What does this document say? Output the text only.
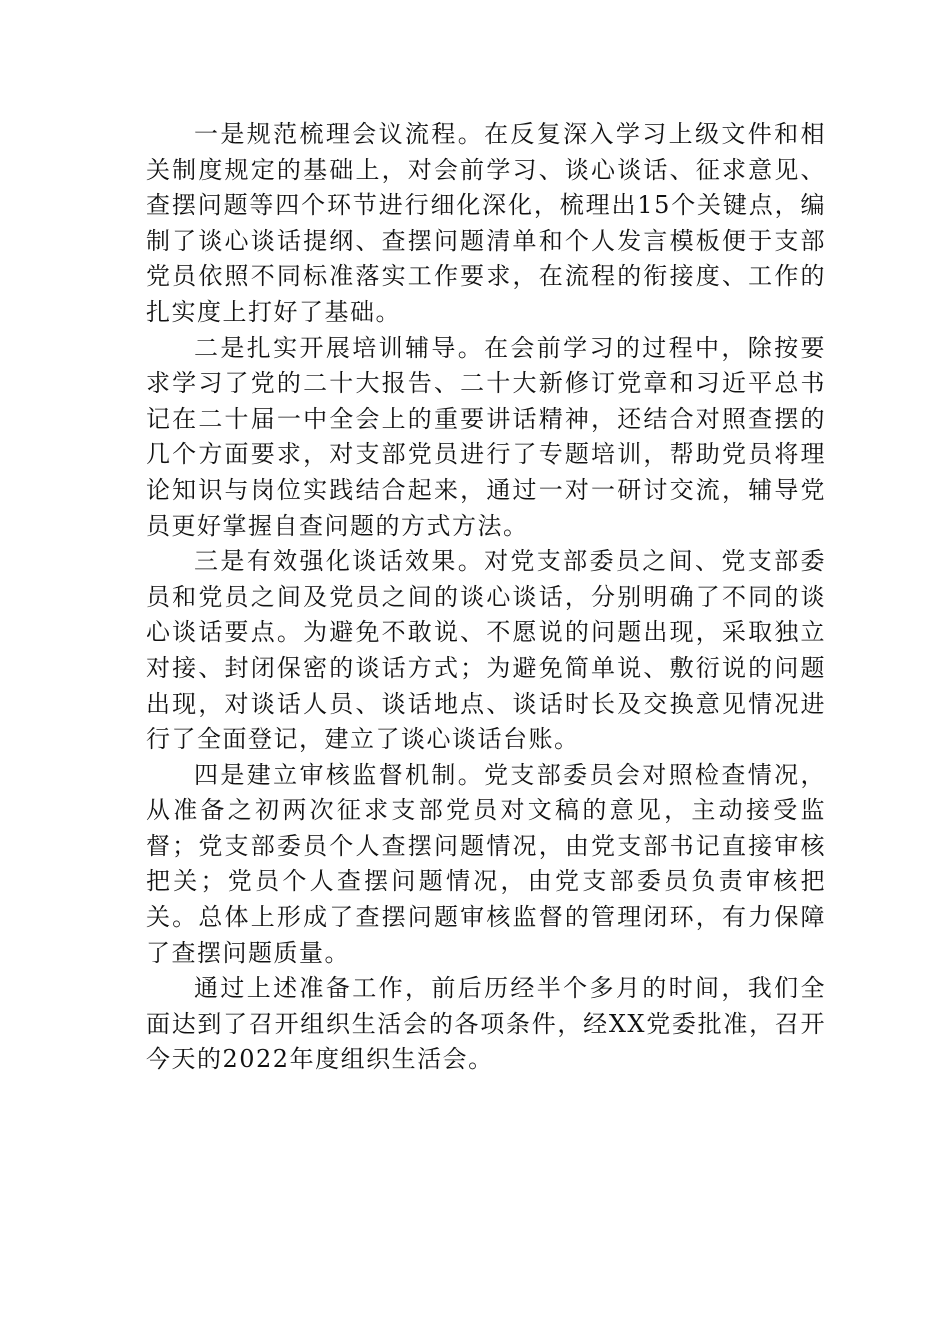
一是规范梳理会议流程。在反复深入学习上级文件和相关制度规定的基础上，对会前学习、谈心谈话、征求意见、查摆问题等四个环节进行细化深化，梳理出15个关键点，编制了谈心谈话提纲、查摆问题清单和个人发言模板便于支部党员依照不同标准落实工作要求，在流程的衔接度、工作的扎实度上打好了基础。

二是扎实开展培训辅导。在会前学习的过程中，除按要求学习了党的二十大报告、二十大新修订党章和习近平总书记在二十届一中全会上的重要讲话精神，还结合对照查摆的几个方面要求，对支部党员进行了专题培训，帮助党员将理论知识与岗位实践结合起来，通过一对一研讨交流，辅导党员更好掌握自查问题的方式方法。

三是有效强化谈话效果。对党支部委员之间、党支部委员和党员之间及党员之间的谈心谈话，分别明确了不同的谈心谈话要点。为避免不敢说、不愿说的问题出现，采取独立对接、封闭保密的谈话方式；为避免简单说、敷衍说的问题出现，对谈话人员、谈话地点、谈话时长及交换意见情况进行了全面登记，建立了谈心谈话台账。

四是建立审核监督机制。党支部委员会对照检查情况，从准备之初两次征求支部党员对文稿的意见，主动接受监督；党支部委员个人查摆问题情况，由党支部书记直接审核把关；党员个人查摆问题情况，由党支部委员负责审核把关。总体上形成了查摆问题审核监督的管理闭环，有力保障了查摆问题质量。

通过上述准备工作，前后历经半个多月的时间，我们全面达到了召开组织生活会的各项条件，经XX党委批准，召开今天的2022年度组织生活会。
